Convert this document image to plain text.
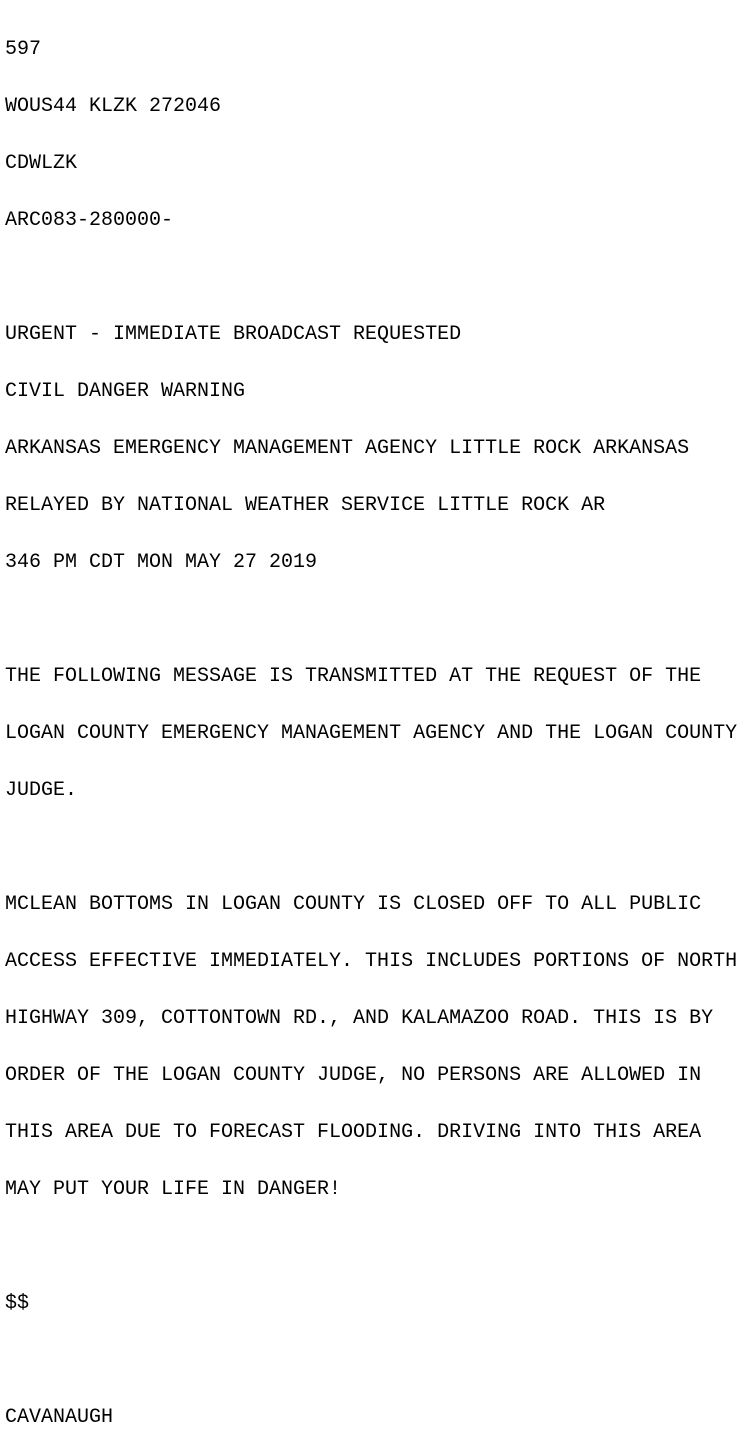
597

WOUS44 KLZK 272046

CDWLZK

ARC083-280000-

URGENT - IMMEDIATE BROADCAST REQUESTED

CIVIL DANGER WARNING

ARKANSAS EMERGENCY MANAGEMENT AGENCY LITTLE ROCK ARKANSAS

RELAYED BY NATIONAL WEATHER SERVICE LITTLE ROCK AR

346 PM CDT MON MAY 27 2019

THE FOLLOWING MESSAGE IS TRANSMITTED AT THE REQUEST OF THE

LOGAN COUNTY EMERGENCY MANAGEMENT AGENCY AND THE LOGAN COUNTY

JUDGE.

MCLEAN BOTTOMS IN LOGAN COUNTY IS CLOSED OFF TO ALL PUBLIC

ACCESS EFFECTIVE IMMEDIATELY. THIS INCLUDES PORTIONS OF NORTH

HIGHWAY 309, COTTONTOWN RD., AND KALAMAZOO ROAD. THIS IS BY

ORDER OF THE LOGAN COUNTY JUDGE, NO PERSONS ARE ALLOWED IN

THIS AREA DUE TO FORECAST FLOODING. DRIVING INTO THIS AREA

MAY PUT YOUR LIFE IN DANGER!

$$

CAVANAUGH
